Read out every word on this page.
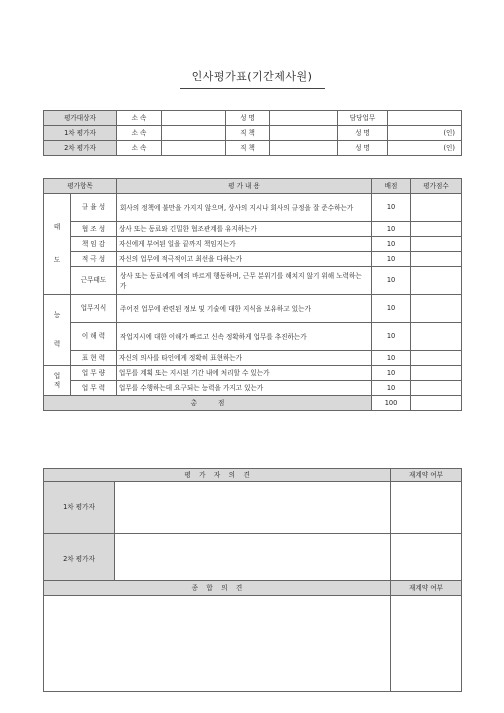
인사평가표(기간제사원)
평가대상자	소 속		성 명		담당업무	
1차 평가자	소 속		직 책		성 명	(인)
2차 평가자	소 속		직 책		성 명	(인)
평가항목		평 가 내 용	배점	평가점수

태
도	규 율 성	회사의 정책에 불만을 가지지 않으며, 상사의 지시나 회사의 규정을 잘 준수하는가	10	
	협 조 성	상사 또는 동료와 긴밀한 협조관계를 유지하는가	10	
	책 임 감	자신에게 부여된 일을 끝까지 책임지는가	10	
	적 극 성	자신의 업무에 적극적이고 최선을 다하는가	10	
	근무태도	상사 또는 동료에게 예의 바르게 행동하며, 근무 분위기를 해치지 않기 위해 노력하는가	10	

능
력	업무지식	주어진 업무에 관련된 정보 및 기술에 대한 지식을 보유하고 있는가	10	
	이 해 력	작업지시에 대한 이해가 빠르고 신속 정확하게 업무를 추진하는가	10	
	표 현 력	자신의 의사를 타인에게 정확히 표현하는가	10	

업
적	업 무 량	업무를 계획 또는 지시된 기간 내에 처리할 수 있는가	10	
	업 무 력	업무를 수행하는데 요구되는 능력을 가지고 있는가	10	
총          점			100	
평    가    자    의    견		재계약 여부
1차 평가자		
2차 평가자		
종    합    의    견	재계약 여부
